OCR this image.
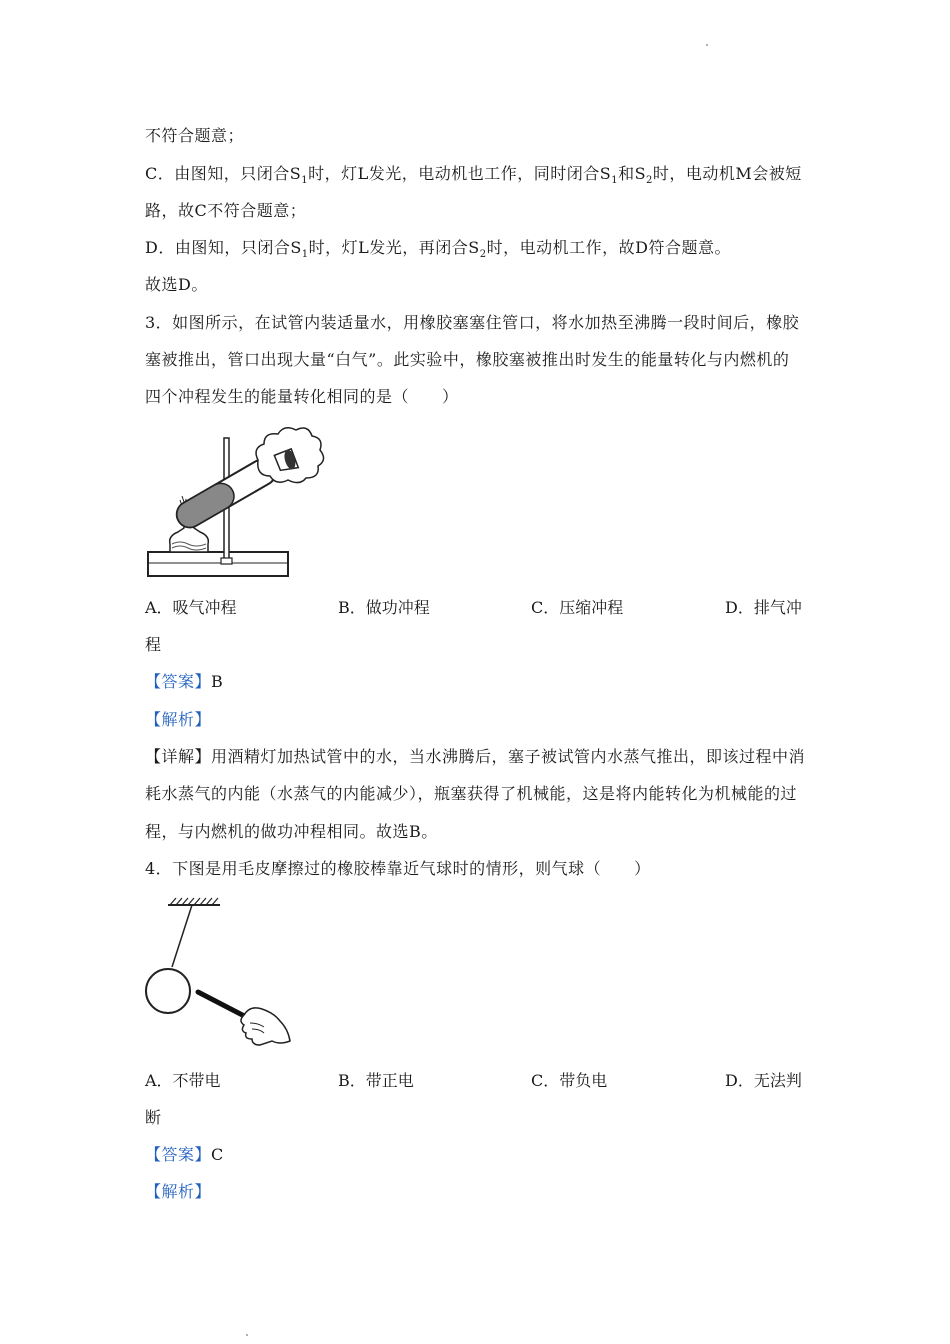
不符合题意；
C．由图知，只闭合$S_1$时，灯L发光，电动机也工作，同时闭合$S_1$和$S_2$时，电动机M会被短
路，故C不符合题意；
D．由图知，只闭合$S_1$时，灯L发光，再闭合$S_2$时，电动机工作，故D符合题意。
故选D。
3．如图所示，在试管内装适量水，用橡胶塞塞住管口，将水加热至沸腾一段时间后，橡胶
塞被推出，管口出现大量“白气”。此实验中，橡胶塞被推出时发生的能量转化与内燃机的
四个冲程发生的能量转化相同的是（　　）
A．吸气冲程	B．做功冲程	C．压缩冲程	D．排气冲
程
【答案】B
【解析】
【详解】用酒精灯加热试管中的水，当水沸腾后，塞子被试管内水蒸气推出，即该过程中消
耗水蒸气的内能（水蒸气的内能减少），瓶塞获得了机械能，这是将内能转化为机械能的过
程，与内燃机的做功冲程相同。故选B。
4．下图是用毛皮摩擦过的橡胶棒靠近气球时的情形，则气球（　　）
A．不带电	B．带正电	C．带负电	D．无法判
断
【答案】C
【解析】
